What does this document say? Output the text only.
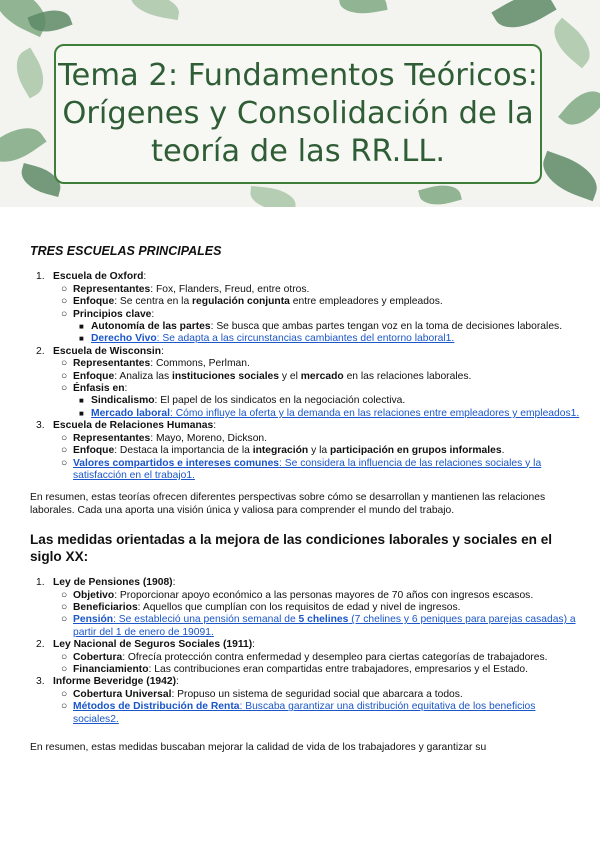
Tema 2: Fundamentos Teóricos:
Orígenes y Consolidación de la
teoría de las RR.LL.
TRES ESCUELAS PRINCIPALES
1. Escuela de Oxford:
○ Representantes: Fox, Flanders, Freud, entre otros.
○ Enfoque: Se centra en la regulación conjunta entre empleadores y empleados.
○ Principios clave:
■ Autonomía de las partes: Se busca que ambas partes tengan voz en la toma de decisiones laborales.
■ Derecho Vivo: Se adapta a las circunstancias cambiantes del entorno laboral1.
2. Escuela de Wisconsin:
○ Representantes: Commons, Perlman.
○ Enfoque: Analiza las instituciones sociales y el mercado en las relaciones laborales.
○ Énfasis en:
■ Sindicalismo: El papel de los sindicatos en la negociación colectiva.
■ Mercado laboral: Cómo influye la oferta y la demanda en las relaciones entre empleadores y empleados1.
3. Escuela de Relaciones Humanas:
○ Representantes: Mayo, Moreno, Dickson.
○ Enfoque: Destaca la importancia de la integración y la participación en grupos informales.
○ Valores compartidos e intereses comunes: Se considera la influencia de las relaciones sociales y la satisfacción en el trabajo1.

En resumen, estas teorías ofrecen diferentes perspectivas sobre cómo se desarrollan y mantienen las relaciones laborales. Cada una aporta una visión única y valiosa para comprender el mundo del trabajo.

Las medidas orientadas a la mejora de las condiciones laborales y sociales en el siglo XX:
1. Ley de Pensiones (1908):
○ Objetivo: Proporcionar apoyo económico a las personas mayores de 70 años con ingresos escasos.
○ Beneficiarios: Aquellos que cumplían con los requisitos de edad y nivel de ingresos.
○ Pensión: Se estableció una pensión semanal de 5 chelines (7 chelines y 6 peniques para parejas casadas) a partir del 1 de enero de 19091.
2. Ley Nacional de Seguros Sociales (1911):
○ Cobertura: Ofrecía protección contra enfermedad y desempleo para ciertas categorías de trabajadores.
○ Financiamiento: Las contribuciones eran compartidas entre trabajadores, empresarios y el Estado.
3. Informe Beveridge (1942):
○ Cobertura Universal: Propuso un sistema de seguridad social que abarcara a todos.
○ Métodos de Distribución de Renta: Buscaba garantizar una distribución equitativa de los beneficios sociales2.

En resumen, estas medidas buscaban mejorar la calidad de vida de los trabajadores y garantizar su
